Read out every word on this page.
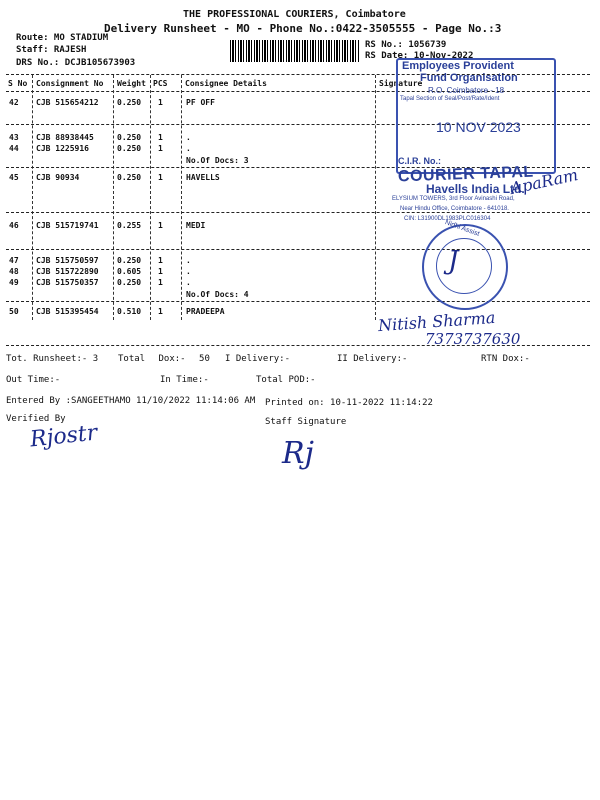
THE PROFESSIONAL COURIERS, Coimbatore
Delivery Runsheet - MO - Phone No.:0422-3505555 - Page No.:3
Route: MO STADIUM
Staff: RAJESH
DRS No.: DCJB105673903
RS No.: 1056739
RS Date: 10-Nov-2022
S No Consignment No Weight PCS Consignee Details	Signature
42 CJB 515654212 0.250 1	PF OFF
43 CJB 88938445	0.250 1	.
44 CJB 1225916	0.250 1	.
No.Of Docs: 3
45 CJB 90934	0.250 1	HAVELLS
46 CJB 515719741 0.255 1	MEDI
47 CJB 515750597 0.250 1	.
48 CJB 515722890 0.605 1	.
49 CJB 515750357 0.250 1	.
No.Of Docs: 4
50 CJB 515395454 0.510 1	PRADEEPA
Tot. Runsheet:- 3 Total Dox:- 50 I Delivery:-	II Delivery:-	RTN Dox:-
Out Time:-	In Time:-	Total POD:-
Entered By :SANGEETHAMO 11/10/2022 11:14:06 AM Printed on: 10-11-2022 11:14:22
Verified By	Staff Signature
Rjostr	Rj
Employees Provident
Fund Organisation
R.O. Coimbatore - 18
Tapal Section of Seal/Post/Rate/Ident
10 NOV 2023
C.I.R. No.:
COURIER TAPAL
Havells India Ltd.
ELYSIUM TOWERS, 3rd Floor Avinashi Road,
Near Hindu Office, Coimbatore - 641018.
CIN: L31900DL1983PLC016304
ApaRam
Nidhi Assist
J
Nitish Sharma
7373737630
